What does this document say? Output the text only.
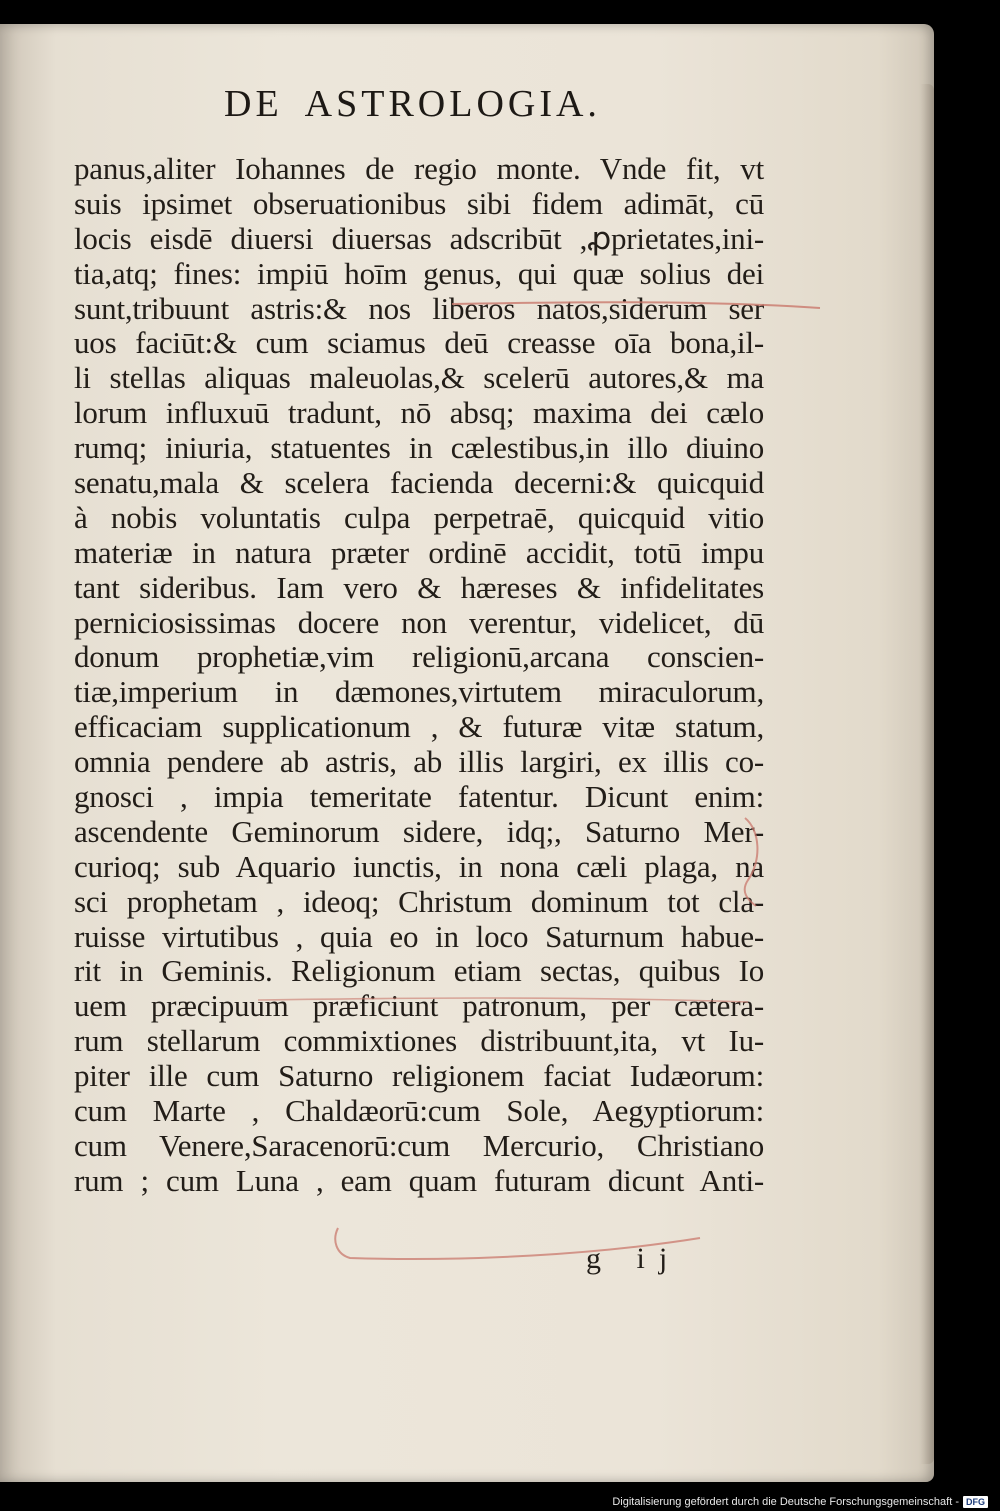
DE ASTROLOGIA.
panus,aliter Iohannes de regio monte. Vnde fit, vt
suis ipsimet obseruationibus sibi fidem adimāt, cū
locis eisdē diuersi diuersas adscribūt ,ꝓprietates,ini-
tia,atq; fines: impiū hoīm genus, qui quæ solius dei
sunt,tribuunt astris:& nos liberos natos,siderum ser
uos faciūt:& cum sciamus deū creasse oīa bona,il-
li stellas aliquas maleuolas,& scelerū autores,& ma
lorum influxuū tradunt, nō absq; maxima dei cælo
rumq; iniuria, statuentes in cælestibus,in illo diuino
senatu,mala & scelera facienda decerni:& quicquid
à nobis voluntatis culpa perpetraē, quicquid vitio
materiæ in natura præter ordinē accidit, totū impu
tant sideribus. Iam vero & hæreses & infidelitates
perniciosissimas docere non verentur, videlicet, dū
donum prophetiæ,vim religionū,arcana conscien-
tiæ,imperium in dæmones,virtutem miraculorum,
efficaciam supplicationum , & futuræ vitæ statum,
omnia pendere ab astris, ab illis largiri, ex illis co-
gnosci , impia temeritate fatentur. Dicunt enim:
ascendente Geminorum sidere, idq;, Saturno Mer-
curioq; sub Aquario iunctis, in nona cæli plaga, na
sci prophetam , ideoq; Christum dominum tot cla-
ruisse virtutibus , quia eo in loco Saturnum habue-
rit in Geminis. Religionum etiam sectas, quibus Io
uem præcipuum præficiunt patronum, per cætera-
rum stellarum commixtiones distribuunt,ita, vt Iu-
piter ille cum Saturno religionem faciat Iudæorum:
cum Marte , Chaldæorū:cum Sole, Aegyptiorum:
cum Venere,Saracenorū:cum Mercurio, Christiano
rum ; cum Luna , eam quam futuram dicunt Anti-
g ij
Digitalisierung gefördert durch die Deutsche Forschungsgemeinschaft - DFG
